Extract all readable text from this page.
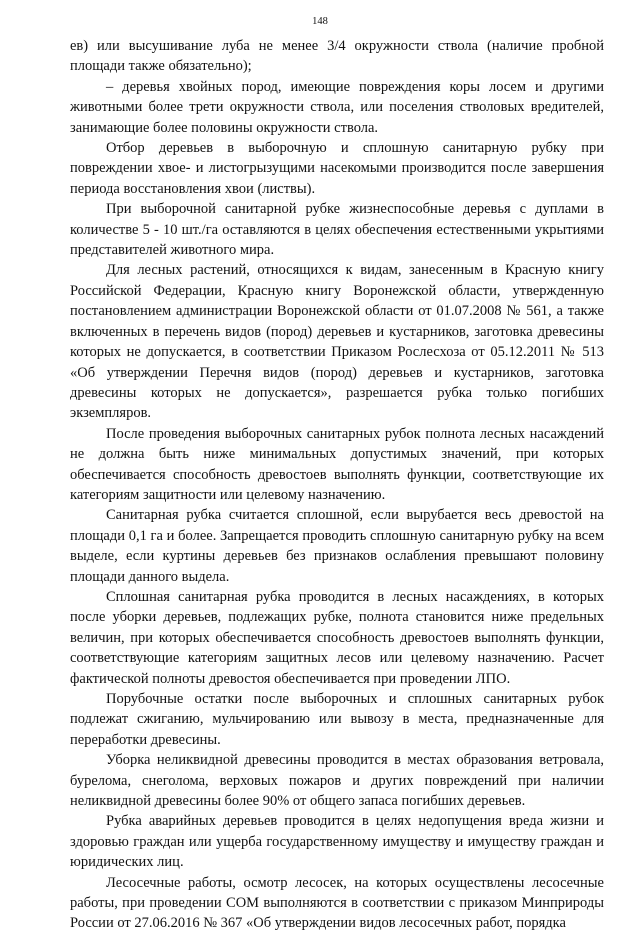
148

ев) или высушивание луба не менее 3/4 окружности ствола (наличие пробной площади также обязательно);

– деревья хвойных пород, имеющие повреждения коры лосем и другими животными более трети окружности ствола, или поселения стволовых вредителей, занимающие более половины окружности ствола.

Отбор деревьев в выборочную и сплошную санитарную рубку при повреждении хвое- и листогрызущими насекомыми производится после завершения периода восстановления хвои (листвы).

При выборочной санитарной рубке жизнеспособные деревья с дуплами в количестве 5 - 10 шт./га оставляются в целях обеспечения естественными укрытиями представителей животного мира.

Для лесных растений, относящихся к видам, занесенным в Красную книгу Российской Федерации, Красную книгу Воронежской области, утвержденную постановлением администрации Воронежской области от 01.07.2008 № 561, а также включенных в перечень видов (пород) деревьев и кустарников, заготовка древесины которых не допускается, в соответствии Приказом Рослесхоза от 05.12.2011 № 513 «Об утверждении Перечня видов (пород) деревьев и кустарников, заготовка древесины которых не допускается», разрешается рубка только погибших экземпляров.

После проведения выборочных санитарных рубок полнота лесных насаждений не должна быть ниже минимальных допустимых значений, при которых обеспечивается способность древостоев выполнять функции, соответствующие их категориям защитности или целевому назначению.

Санитарная рубка считается сплошной, если вырубается весь древостой на площади 0,1 га и более. Запрещается проводить сплошную санитарную рубку на всем выделе, если куртины деревьев без признаков ослабления превышают половину площади данного выдела.

Сплошная санитарная рубка проводится в лесных насаждениях, в которых после уборки деревьев, подлежащих рубке, полнота становится ниже предельных величин, при которых обеспечивается способность древостоев выполнять функции, соответствующие категориям защитных лесов или целевому назначению. Расчет фактической полноты древостоя обеспечивается при проведении ЛПО.

Порубочные остатки после выборочных и сплошных санитарных рубок подлежат сжиганию, мульчированию или вывозу в места, предназначенные для переработки древесины.

Уборка неликвидной древесины проводится в местах образования ветровала, бурелома, снеголома, верховых пожаров и других повреждений при наличии неликвидной древесины более 90% от общего запаса погибших деревьев.

Рубка аварийных деревьев проводится в целях недопущения вреда жизни и здоровью граждан или ущерба государственному имуществу и имуществу граждан и юридических лиц.

Лесосечные работы, осмотр лесосек, на которых осуществлены лесосечные работы, при проведении СОМ выполняются в соответствии с приказом Минприроды России от 27.06.2016 № 367 «Об утверждении видов лесосечных работ, порядка
